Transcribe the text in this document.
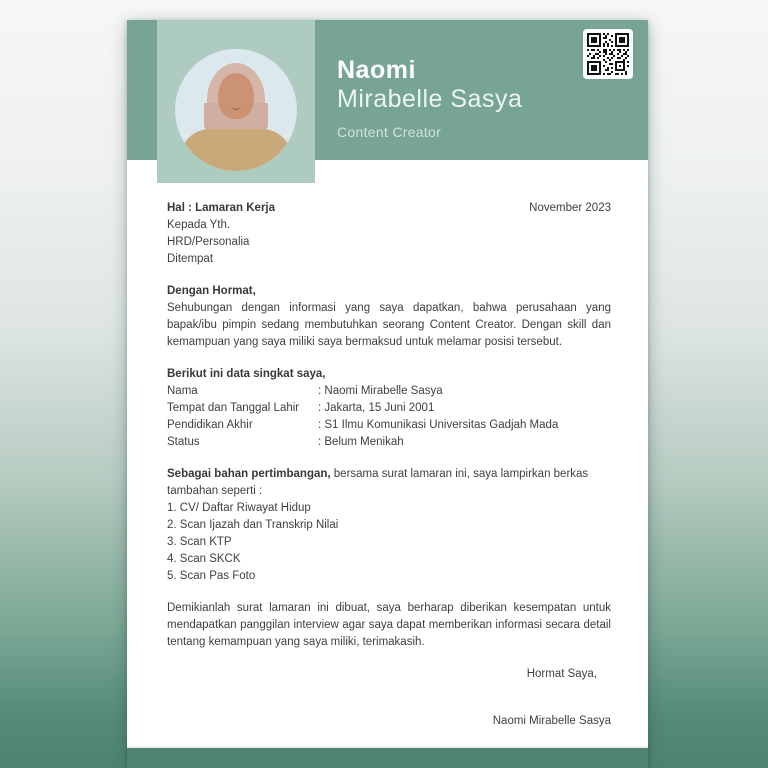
Naomi
Mirabelle Sasya
Content Creator
Hal : Lamaran Kerja	November 2023
Kepada Yth.
HRD/Personalia
Ditempat
Dengan Hormat,
Sehubungan dengan informasi yang saya dapatkan, bahwa perusahaan yang bapak/ibu pimpin sedang membutuhkan seorang Content Creator. Dengan skill dan kemampuan yang saya miliki saya bermaksud untuk melamar posisi tersebut.
Berikut ini data singkat saya,
Nama	: Naomi Mirabelle Sasya
Tempat dan Tanggal Lahir	: Jakarta, 15 Juni 2001
Pendidikan Akhir	: S1 Ilmu Komunikasi Universitas Gadjah Mada
Status	: Belum Menikah
Sebagai bahan pertimbangan, bersama surat lamaran ini, saya lampirkan berkas tambahan seperti :
1. CV/ Daftar Riwayat Hidup
2. Scan Ijazah dan Transkrip Nilai
3. Scan KTP
4. Scan SKCK
5. Scan Pas Foto
Demikianlah surat lamaran ini dibuat, saya berharap diberikan kesempatan untuk mendapatkan panggilan interview agar saya dapat memberikan informasi secara detail tentang kemampuan yang saya miliki, terimakasih.
Hormat Saya,
Naomi Mirabelle Sasya
